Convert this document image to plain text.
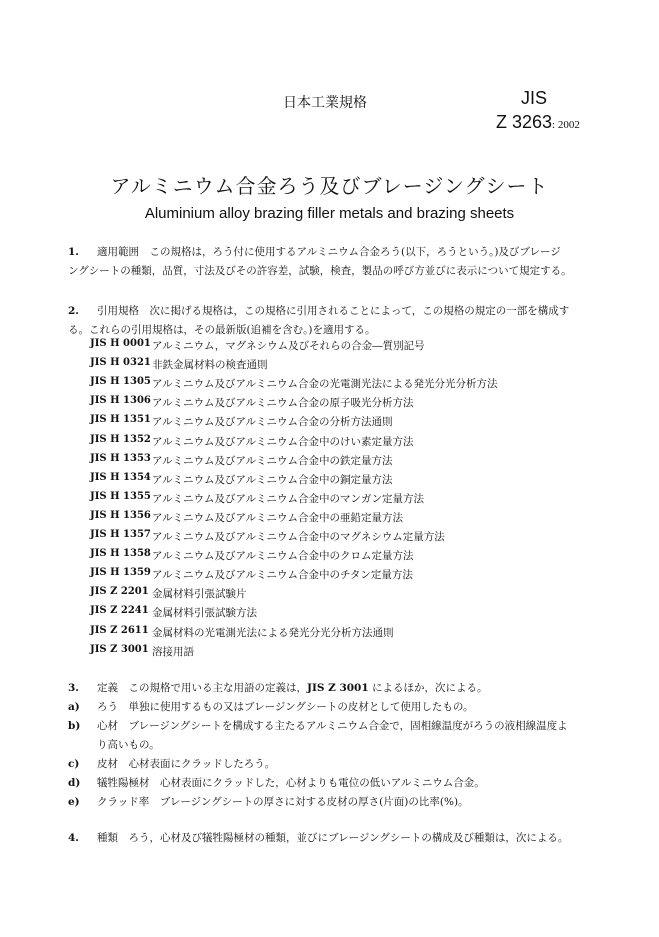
日本工業規格	JIS
Z 3263: 2002
アルミニウム合金ろう及びブレージングシート
Aluminium alloy brazing filler metals and brazing sheets
1. 適用範囲　この規格は，ろう付に使用するアルミニウム合金ろう(以下，ろうという。)及びブレージ
ングシートの種類，品質，寸法及びその許容差，試験，検査，製品の呼び方並びに表示について規定する。
2. 引用規格　次に掲げる規格は，この規格に引用されることによって，この規格の規定の一部を構成す
る。これらの引用規格は，その最新版(追補を含む。)を適用する。
JIS H 0001 アルミニウム，マグネシウム及びそれらの合金―質別記号
JIS H 0321 非鉄金属材料の検査通則
JIS H 1305 アルミニウム及びアルミニウム合金の光電測光法による発光分光分析方法
JIS H 1306 アルミニウム及びアルミニウム合金の原子吸光分析方法
JIS H 1351 アルミニウム及びアルミニウム合金の分析方法通則
JIS H 1352 アルミニウム及びアルミニウム合金中のけい素定量方法
JIS H 1353 アルミニウム及びアルミニウム合金中の鉄定量方法
JIS H 1354 アルミニウム及びアルミニウム合金中の銅定量方法
JIS H 1355 アルミニウム及びアルミニウム合金中のマンガン定量方法
JIS H 1356 アルミニウム及びアルミニウム合金中の亜鉛定量方法
JIS H 1357 アルミニウム及びアルミニウム合金中のマグネシウム定量方法
JIS H 1358 アルミニウム及びアルミニウム合金中のクロム定量方法
JIS H 1359 アルミニウム及びアルミニウム合金中のチタン定量方法
JIS Z 2201 金属材料引張試験片
JIS Z 2241 金属材料引張試験方法
JIS Z 2611 金属材料の光電測光法による発光分光分析方法通則
JIS Z 3001 溶接用語
3. 定義　この規格で用いる主な用語の定義は，JIS Z 3001 によるほか，次による。
a) ろう　単独に使用するもの又はブレージングシートの皮材として使用したもの。
b) 心材　ブレージングシートを構成する主たるアルミニウム合金で，固相線温度がろうの液相線温度よ
り高いもの。
c) 皮材　心材表面にクラッドしたろう。
d) 犠牲陽極材　心材表面にクラッドした，心材よりも電位の低いアルミニウム合金。
e) クラッド率　ブレージングシートの厚さに対する皮材の厚さ(片面)の比率(%)。
4. 種類　ろう，心材及び犠牲陽極材の種類，並びにブレージングシートの構成及び種類は，次による。
